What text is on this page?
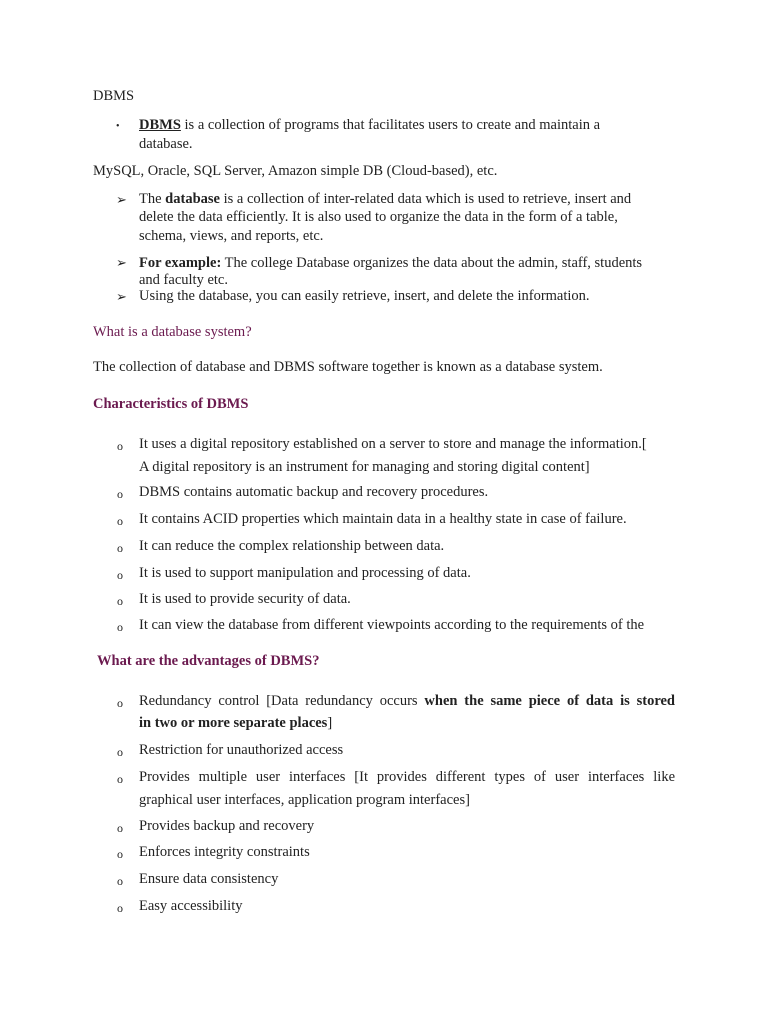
DBMS
• DBMS is a collection of programs that facilitates users to create and maintain a
database.
MySQL, Oracle, SQL Server, Amazon simple DB (Cloud-based), etc.
➢ The database is a collection of inter-related data which is used to retrieve, insert and
delete the data efficiently. It is also used to organize the data in the form of a table,
schema, views, and reports, etc.
➢ For example: The college Database organizes the data about the admin, staff, students
and faculty etc.
➢ Using the database, you can easily retrieve, insert, and delete the information.
What is a database system?
The collection of database and DBMS software together is known as a database system.
Characteristics of DBMS
o It uses a digital repository established on a server to store and manage the information.[
A digital repository is an instrument for managing and storing digital content]
o DBMS contains automatic backup and recovery procedures.
o It contains ACID properties which maintain data in a healthy state in case of failure.
o It can reduce the complex relationship between data.
o It is used to support manipulation and processing of data.
o It is used to provide security of data.
o It can view the database from different viewpoints according to the requirements of the
What are the advantages of DBMS?
o Redundancy control [Data redundancy occurs when the same piece of data is stored
in two or more separate places]
o Restriction for unauthorized access
o Provides multiple user interfaces [It provides different types of user interfaces like
graphical user interfaces, application program interfaces]
o Provides backup and recovery
o Enforces integrity constraints
o Ensure data consistency
o Easy accessibility
